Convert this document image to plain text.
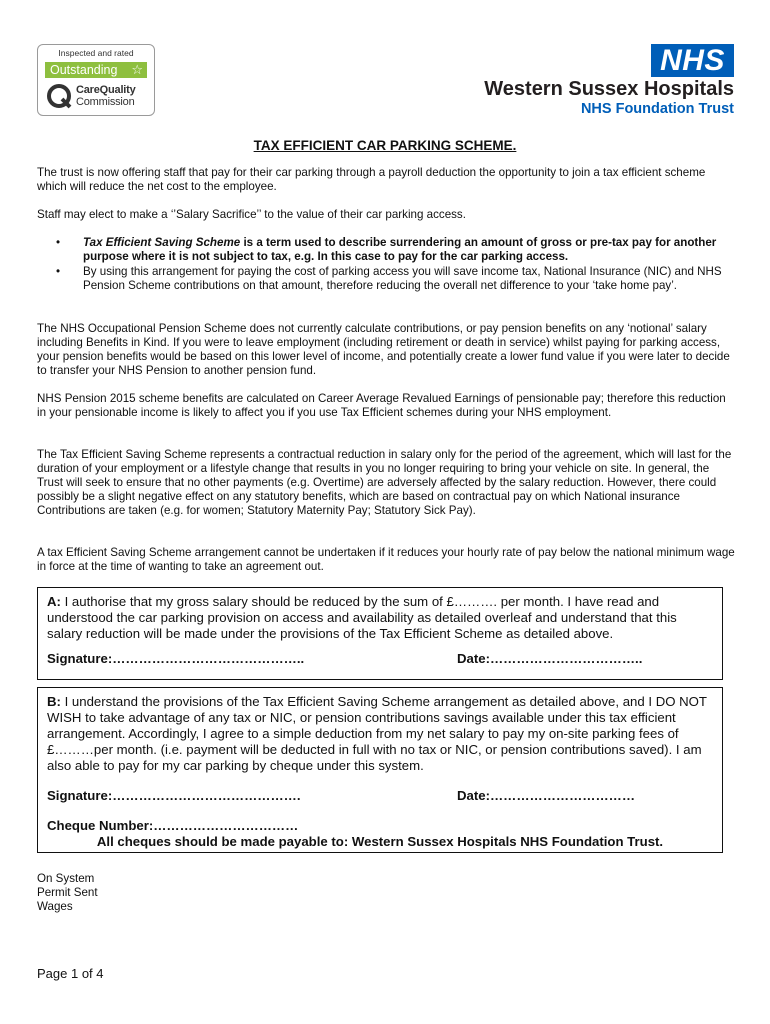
Inspected and rated
Outstanding ☆
CareQuality
Commission
NHS
Western Sussex Hospitals
NHS Foundation Trust
TAX EFFICIENT CAR PARKING SCHEME.
The trust is now offering staff that pay for their car parking through a payroll deduction the opportunity to join a tax efficient scheme which will reduce the net cost to the employee.
Staff may elect to make a ‘’Salary Sacrifice’’ to the value of their car parking access.
• Tax Efficient Saving Scheme is a term used to describe surrendering an amount of gross or pre-tax pay for another purpose where it is not subject to tax, e.g. In this case to pay for the car parking access.
• By using this arrangement for paying the cost of parking access you will save income tax, National Insurance (NIC) and NHS Pension Scheme contributions on that amount, therefore reducing the overall net difference to your ‘take home pay’.
The NHS Occupational Pension Scheme does not currently calculate contributions, or pay pension benefits on any ‘notional’ salary including Benefits in Kind. If you were to leave employment (including retirement or death in service) whilst paying for parking access, your pension benefits would be based on this lower level of income, and potentially create a lower fund value if you were later to decide to transfer your NHS Pension to another pension fund.
NHS Pension 2015 scheme benefits are calculated on Career Average Revalued Earnings of pensionable pay; therefore this reduction in your pensionable income is likely to affect you if you use Tax Efficient schemes during your NHS employment.
The Tax Efficient Saving Scheme represents a contractual reduction in salary only for the period of the agreement, which will last for the duration of your employment or a lifestyle change that results in you no longer requiring to bring your vehicle on site. In general, the Trust will seek to ensure that no other payments (e.g. Overtime) are adversely affected by the salary reduction. However, there could possibly be a slight negative effect on any statutory benefits, which are based on contractual pay on which National insurance Contributions are taken (e.g. for women; Statutory Maternity Pay; Statutory Sick Pay).
A tax Efficient Saving Scheme arrangement cannot be undertaken if it reduces your hourly rate of pay below the national minimum wage in force at the time of wanting to take an agreement out.
A: I authorise that my gross salary should be reduced by the sum of £………. per month. I have read and understood the car parking provision on access and availability as detailed overleaf and understand that this salary reduction will be made under the provisions of the Tax Efficient Scheme as detailed above.
Signature:……………………………………..	Date:……………………………..
B: I understand the provisions of the Tax Efficient Saving Scheme arrangement as detailed above, and I DO NOT WISH to take advantage of any tax or NIC, or pension contributions savings available under this tax efficient arrangement. Accordingly, I agree to a simple deduction from my net salary to pay my on-site parking fees of £………per month. (i.e. payment will be deducted in full with no tax or NIC, or pension contributions saved). I am also able to pay for my car parking by cheque under this system.
Signature:…………………………………….	Date:……………………………
Cheque Number:……………………………
All cheques should be made payable to: Western Sussex Hospitals NHS Foundation Trust.
On System
Permit Sent
Wages
Page 1 of 4
